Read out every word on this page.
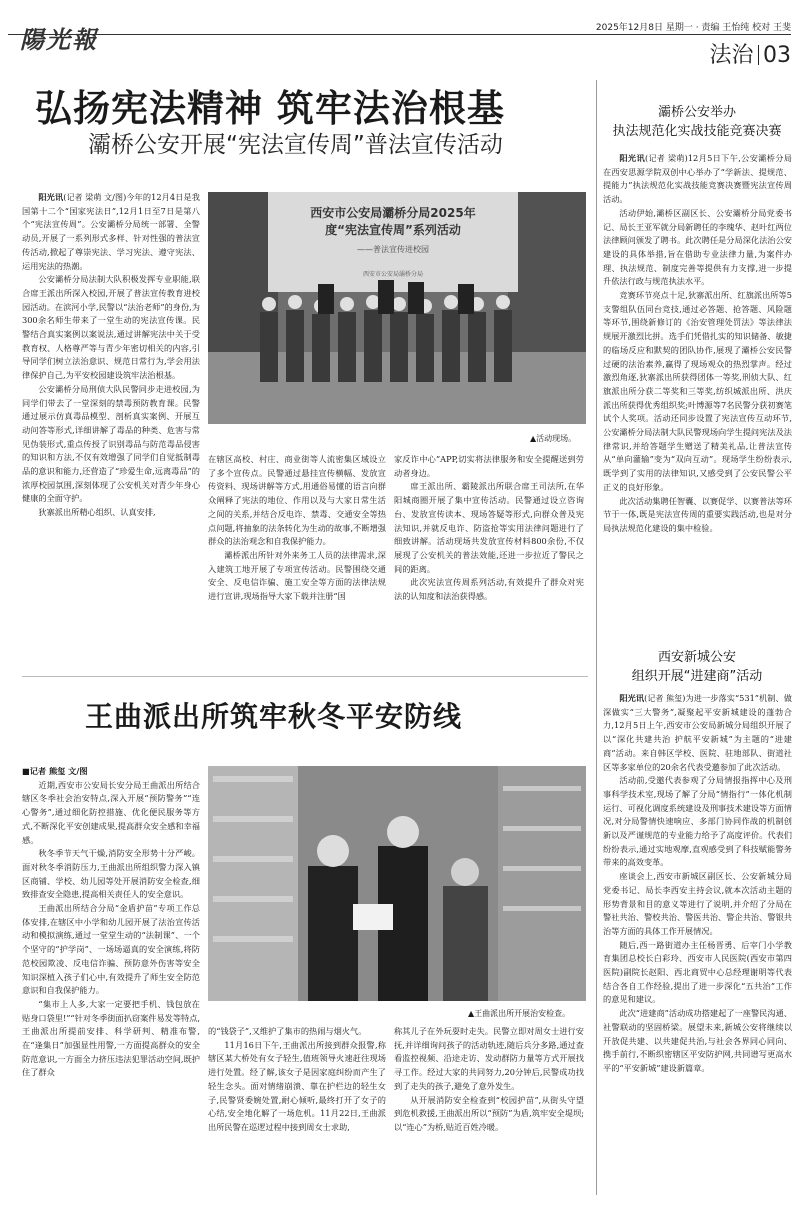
陽光報	2025年12月8日 星期一 · 责编 王怡纯 校对 王斐
法治 03
弘扬宪法精神 筑牢法治根基
灞桥公安开展“宪法宣传周”普法宣传活动

阳光讯(记者 梁萌 文/图)今年的12月4日是我国第十二个“国家宪法日”,12月1日至7日是第八个“宪法宣传周”。公安灞桥分局统一部署、全警动员,开展了一系列形式多样、针对性强的普法宣传活动,掀起了尊崇宪法、学习宪法、遵守宪法、运用宪法的热潮。

公安灞桥分局法制大队积极发挥专业职能,联合席王派出所深入校园,开展了普法宣传教育进校园活动。在滨河小学,民警以“法治老师”的身份,为300余名师生带来了一堂生动的宪法宣传课。民警结合真实案例以案说法,通过讲解宪法中关于受教育权、人格尊严等与青少年密切相关的内容,引导同学们树立法治意识、规范日常行为,学会用法律保护自己,为平安校园建设筑牢法治根基。

公安灞桥分局刑侦大队民警同步走进校园,为同学们带去了一堂深刻的禁毒预防教育课。民警通过展示仿真毒品模型、剖析真实案例、开展互动问答等形式,详细讲解了毒品的种类、危害与常见伪装形式,重点传授了识别毒品与防范毒品侵害的知识和方法,不仅有效增强了同学们自觉抵制毒品的意识和能力,还营造了“珍爱生命,远离毒品”的浓厚校园氛围,深刻体现了公安机关对青少年身心健康的全面守护。

狄寨派出所精心组织、认真安排,

西安市公安局灞桥分局2025年
度“宪法宣传周”系列活动
——普法宣传进校园
西安市公安局灞桥分局
▲活动现场。

在辖区高校、村庄、商业街等人流密集区域设立了多个宣传点。民警通过悬挂宣传横幅、发放宣传资料、现场讲解等方式,用通俗易懂的语言向群众阐释了宪法的地位、作用以及与大家日常生活之间的关系,并结合反电诈、禁毒、交通安全等热点问题,将抽象的法条转化为生动的故事,不断增强群众的法治观念和自我保护能力。

灞桥派出所针对外来务工人员的法律需求,深入建筑工地开展了专项宣传活动。民警围绕交通安全、反电信诈骗、施工安全等方面的法律法规进行宣讲,现场指导大家下载并注册“国

家反诈中心”APP,切实将法律服务和安全提醒送到劳动者身边。

席王派出所、霸陵派出所联合席王司法所,在华阳城商圈开展了集中宣传活动。民警通过设立咨询台、发放宣传读本、现场答疑等形式,向群众普及宪法知识,并就反电诈、防盗抢等实用法律问题进行了细致讲解。活动现场共发放宣传材料800余份,不仅展现了公安机关的普法效能,还进一步拉近了警民之间的距离。

此次宪法宣传周系列活动,有效提升了群众对宪法的认知度和法治获得感。

王曲派出所筑牢秋冬平安防线

■记者 熊玺 文/图

近期,西安市公安局长安分局王曲派出所结合辖区冬季社会治安特点,深入开展“预防警务”“连心警务”,通过细化防控措施、优化便民服务等方式,不断深化平安创建成果,提高群众安全感和幸福感。

秋冬季节天气干燥,消防安全形势十分严峻。面对秋冬季消防压力,王曲派出所组织警力深入镇区商铺、学校、幼儿园等处开展消防安全检查,细致排查安全隐患,提高相关责任人的安全意识。

王曲派出所结合分局“金盾护苗”专项工作总体安排,在辖区中小学和幼儿园开展了法治宣传活动和模拟演练,通过一堂堂生动的“法制课”、一个个坚守的“护学岗”、一场场逼真的安全演练,将防范校园欺凌、反电信诈骗、预防意外伤害等安全知识深植入孩子们心中,有效提升了师生安全防范意识和自我保护能力。

“集市上人多,大家一定要把手机、钱包放在贴身口袋里!”“针对冬季街面扒窃案件易发等特点,王曲派出所提前安排、科学研判、精准布警,在“逢集日”加强显性用警,一方面提高群众的安全防范意识,一方面全力挤压违法犯罪活动空间,既护住了群众

▲王曲派出所开展治安检查。

的“钱袋子”,又维护了集市的热闹与烟火气。

11月16日下午,王曲派出所接到群众报警,称辖区某大桥处有女子轻生,值班领导火速赶往现场进行处置。经了解,该女子是因家庭纠纷而产生了轻生念头。面对情绪崩溃、靠在护栏边的轻生女子,民警贤委婉处置,耐心倾听,最终打开了女子的心结,安全地化解了一场危机。11月22日,王曲派出所民警在巡逻过程中接到周女士求助,

称其儿子在外玩耍时走失。民警立即对周女士进行安抚,并详细询问孩子的活动轨迹,随后兵分多路,通过查看监控视频、沿途走访、发动群防力量等方式开展找寻工作。经过大家的共同努力,20分钟后,民警成功找到了走失的孩子,避免了意外发生。

从开展消防安全检查到“校园护苗”,从街头守望到危机救援,王曲派出所以“预防”为盾,筑牢安全堤坝;以“连心”为桥,贴近百姓冷暖。

灞桥公安举办
执法规范化实战技能竞赛决赛

阳光讯(记者 梁萌)12月5日下午,公安灞桥分局在西安思源学院双创中心举办了“学新法、提规范、提能力”执法规范化实战技能竞赛决赛暨宪法宣传周活动。

活动伊始,灞桥区副区长、公安灞桥分局党委书记、局长王亚军就分局新聘任的李瑰华、赵叶红两位法律顾问颁发了聘书。此次聘任是分局深化法治公安建设的具体举措,旨在借助专业法律力量,为案件办理、执法规范、制度完善等提供有力支撑,进一步提升依法行政与规范执法水平。

竞赛环节亮点十足,狄寨派出所、红旗派出所等5支警组队伍同台竞技,通过必答题、抢答题、风险题等环节,围绕新修订的《治安管理处罚法》等法律法规展开激烈比拼。选手们凭借扎实的知识储备、敏捷的临场反应和默契的团队协作,展现了灞桥公安民警过硬的法治素养,赢得了现场观众的热烈掌声。经过激烈角逐,狄寨派出所获得团体一等奖,刑侦大队、红旗派出所分获二等奖和三等奖,纺织城派出所、洪庆派出所获得优秀组织奖;叶博源等7名民警分获初赛笔试个人奖项。活动还同步设置了宪法宣传互动环节,公安灞桥分局法制大队民警现场向学生提问宪法及法律常识,并给答题学生赠送了精美礼品,让普法宣传从“单向灌输”变为“双向互动”。现场学生纷纷表示,既学到了实用的法律知识,又感受到了公安民警公平正义的良好形象。

此次活动集聘任智囊、以赛促学、以赛普法等环节于一体,既是宪法宣传周的重要实践活动,也是对分局执法规范化建设的集中检验。

西安新城公安
组织开展“进建商”活动

阳光讯(记者 熊玺)为进一步落实“531”机制、做深做实“三大警务”,凝聚起平安新城建设的蓬勃合力,12月5日上午,西安市公安局新城分局组织开展了以“深化共建共治 护航平安新城”为主题的“进建商”活动。来自韩区学校、医院、驻地部队、街道社区等多家单位的20余名代表受邀参加了此次活动。

活动前,受邀代表参观了分局情报指挥中心及刑事科学技术室,现场了解了分局“情指行”一体化机制运行、可视化调度系统建设及刑事技术建设等方面情况,对分局警情快速响应、多部门协同作战的机制创新以及严谨规范的专业能力给予了高度评价。代表们纷纷表示,通过实地观摩,直观感受到了科技赋能警务带来的高效变革。

座谈会上,西安市新城区副区长、公安新城分局党委书记、局长李西安主持会议,就本次活动主题的形势背景和目的意义等进行了说明,并介绍了分局在警社共治、警校共治、警医共治、警企共治、警银共治等方面的具体工作开展情况。

随后,西一路街道办主任杨晋勇、后宰门小学教育集团总校长白彩玲、西安市人民医院(西安市第四医院)副院长赵阳、西北商贸中心总经理谢明等代表结合各自工作经验,提出了进一步深化“五共治”工作的意见和建议。

此次“进建商”活动成功搭建起了一座警民沟通、社警联动的坚固桥梁。展望未来,新城公安将继续以开放促共建、以共建促共治,与社会各界同心同向、携手前行,不断织密辖区平安防护网,共同谱写更高水平的“平安新城”建设新篇章。
